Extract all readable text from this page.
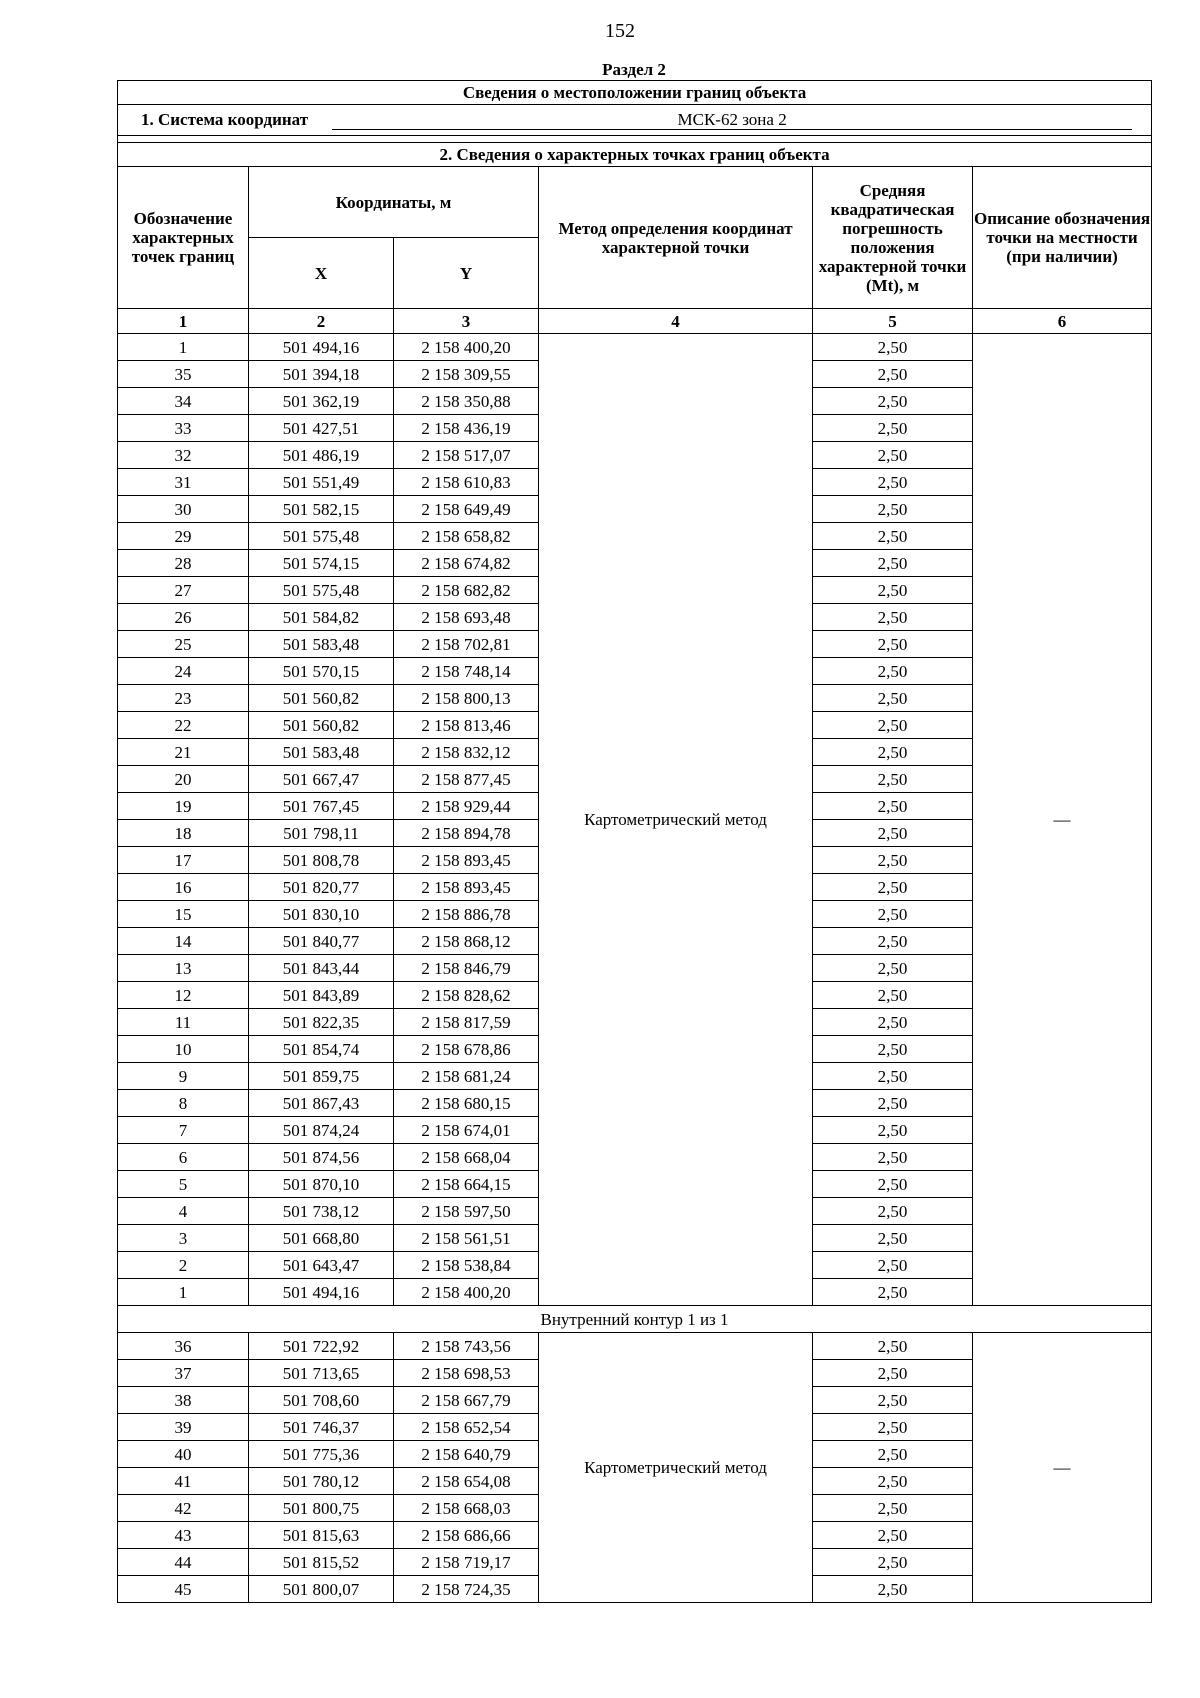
152
Раздел 2
Сведения о местоположении границ объекта					
1. Система координат МСК-62 зона 2					

2. Сведения о характерных точках границ объекта					
Обозначение характерных точек границ	Координаты, м		Метод определения координат характерной точки	Средняя квадратическая погрешность положения характерной точки (Mt), м	Описание обозначения точки на местности (при наличии)
	X	Y			
1	2	3	4	5	6
1	501 494,16	2 158 400,20	Картометрический метод	2,50	—
35	501 394,18	2 158 309,55		2,50	
34	501 362,19	2 158 350,88		2,50	
33	501 427,51	2 158 436,19		2,50	
32	501 486,19	2 158 517,07		2,50	
31	501 551,49	2 158 610,83		2,50	
30	501 582,15	2 158 649,49		2,50	
29	501 575,48	2 158 658,82		2,50	
28	501 574,15	2 158 674,82		2,50	
27	501 575,48	2 158 682,82		2,50	
26	501 584,82	2 158 693,48		2,50	
25	501 583,48	2 158 702,81		2,50	
24	501 570,15	2 158 748,14		2,50	
23	501 560,82	2 158 800,13		2,50	
22	501 560,82	2 158 813,46		2,50	
21	501 583,48	2 158 832,12		2,50	
20	501 667,47	2 158 877,45		2,50	
19	501 767,45	2 158 929,44		2,50	
18	501 798,11	2 158 894,78		2,50	
17	501 808,78	2 158 893,45		2,50	
16	501 820,77	2 158 893,45		2,50	
15	501 830,10	2 158 886,78		2,50	
14	501 840,77	2 158 868,12		2,50	
13	501 843,44	2 158 846,79		2,50	
12	501 843,89	2 158 828,62		2,50	
11	501 822,35	2 158 817,59		2,50	
10	501 854,74	2 158 678,86		2,50	
9	501 859,75	2 158 681,24		2,50	
8	501 867,43	2 158 680,15		2,50	
7	501 874,24	2 158 674,01		2,50	
6	501 874,56	2 158 668,04		2,50	
5	501 870,10	2 158 664,15		2,50	
4	501 738,12	2 158 597,50		2,50	
3	501 668,80	2 158 561,51		2,50	
2	501 643,47	2 158 538,84		2,50	
1	501 494,16	2 158 400,20		2,50	
Внутренний контур 1 из 1					
36	501 722,92	2 158 743,56	Картометрический метод	2,50	—
37	501 713,65	2 158 698,53		2,50	
38	501 708,60	2 158 667,79		2,50	
39	501 746,37	2 158 652,54		2,50	
40	501 775,36	2 158 640,79		2,50	
41	501 780,12	2 158 654,08		2,50	
42	501 800,75	2 158 668,03		2,50	
43	501 815,63	2 158 686,66		2,50	
44	501 815,52	2 158 719,17		2,50	
45	501 800,07	2 158 724,35		2,50	
